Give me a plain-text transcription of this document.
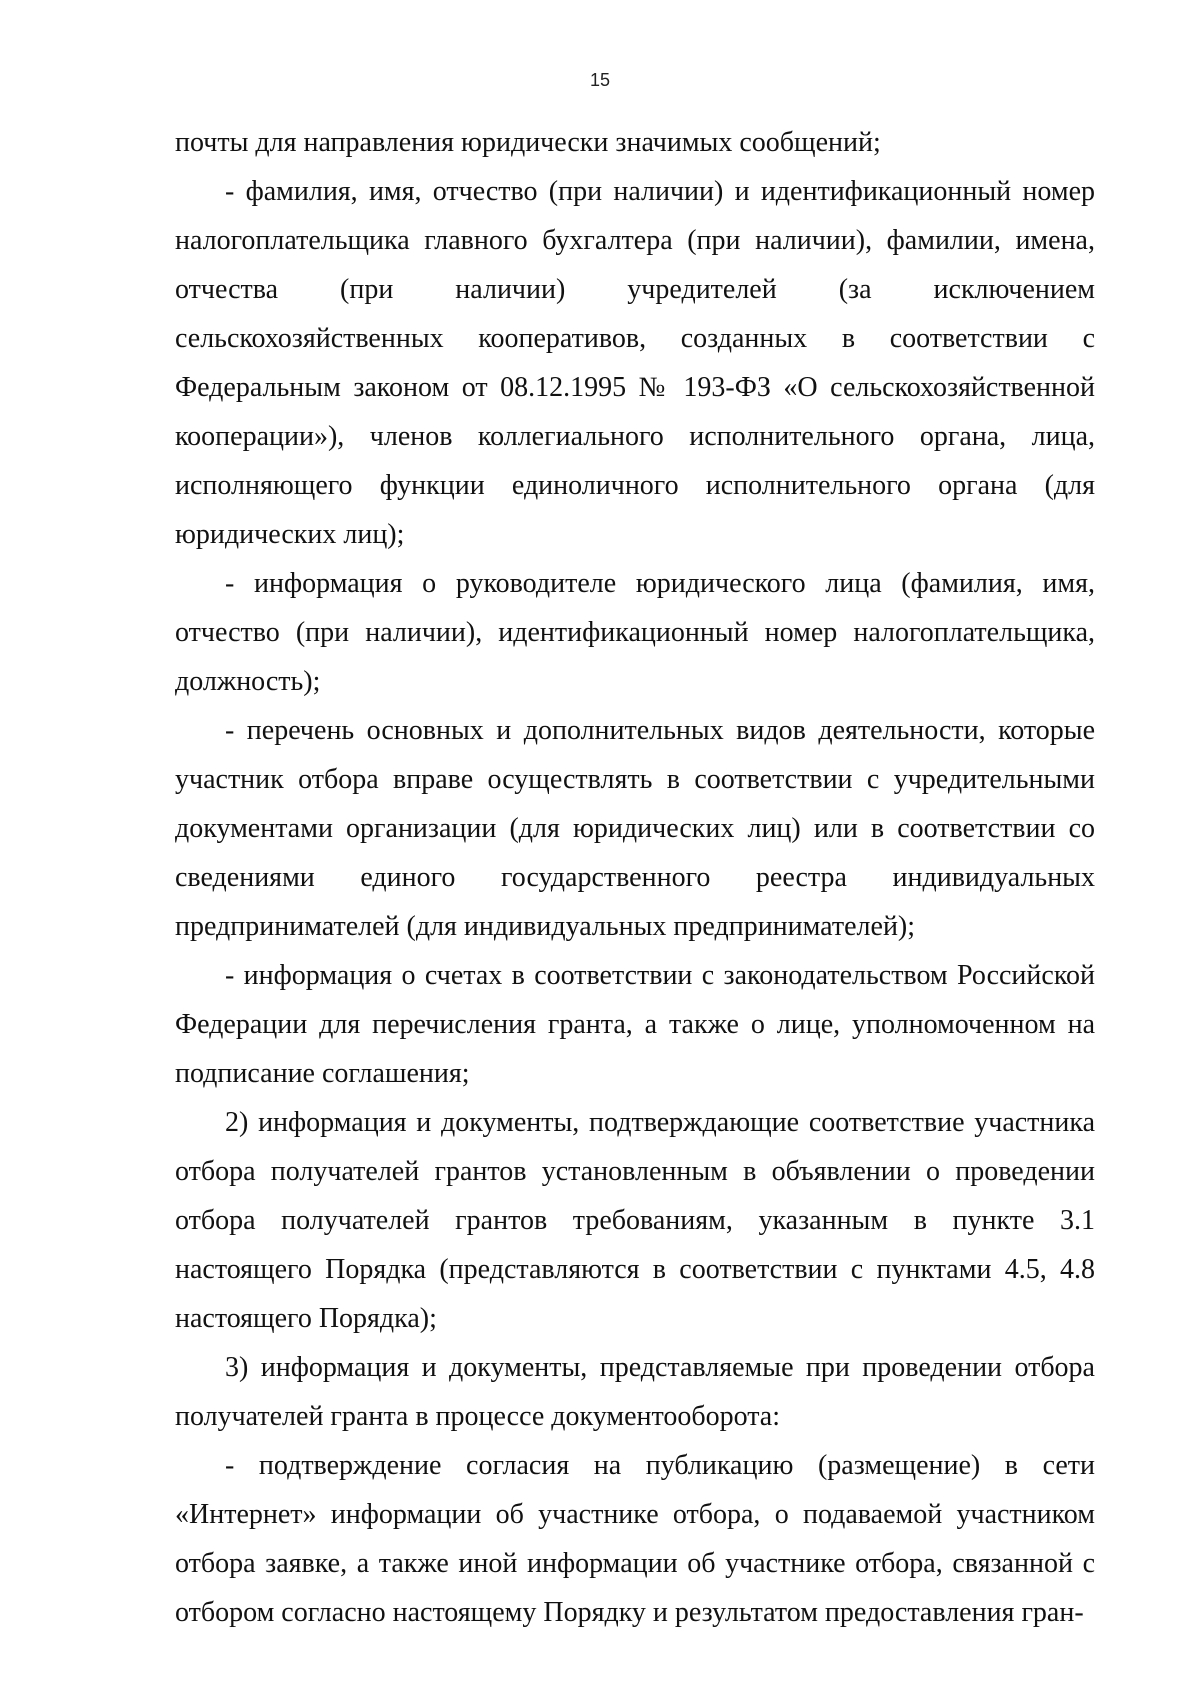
15

почты для направления юридически значимых сообщений;

- фамилия, имя, отчество (при наличии) и идентификационный номер налогоплательщика главного бухгалтера (при наличии), фамилии, имена, отчества (при наличии) учредителей (за исключением сельскохозяйственных кооперативов, созданных в соответствии с Федеральным законом от 08.12.1995 № 193-ФЗ «О сельскохозяйственной кооперации»), членов коллегиального исполнительного органа, лица, исполняющего функции единоличного исполнительного органа (для юридических лиц);

- информация о руководителе юридического лица (фамилия, имя, отчество (при наличии), идентификационный номер налогоплательщика, должность);

- перечень основных и дополнительных видов деятельности, которые участник отбора вправе осуществлять в соответствии с учредительными документами организации (для юридических лиц) или в соответствии со сведениями единого государственного реестра индивидуальных предпринимателей (для индивидуальных предпринимателей);

- информация о счетах в соответствии с законодательством Российской Федерации для перечисления гранта, а также о лице, уполномоченном на подписание соглашения;

2) информация и документы, подтверждающие соответствие участника отбора получателей грантов установленным в объявлении о проведении отбора получателей грантов требованиям, указанным в пункте 3.1 настоящего Порядка (представляются в соответствии с пунктами 4.5, 4.8 настоящего Порядка);

3) информация и документы, представляемые при проведении отбора получателей гранта в процессе документооборота:

- подтверждение согласия на публикацию (размещение) в сети «Интернет» информации об участнике отбора, о подаваемой участником отбора заявке, а также иной информации об участнике отбора, связанной с отбором согласно настоящему Порядку и результатом предоставления гран-
